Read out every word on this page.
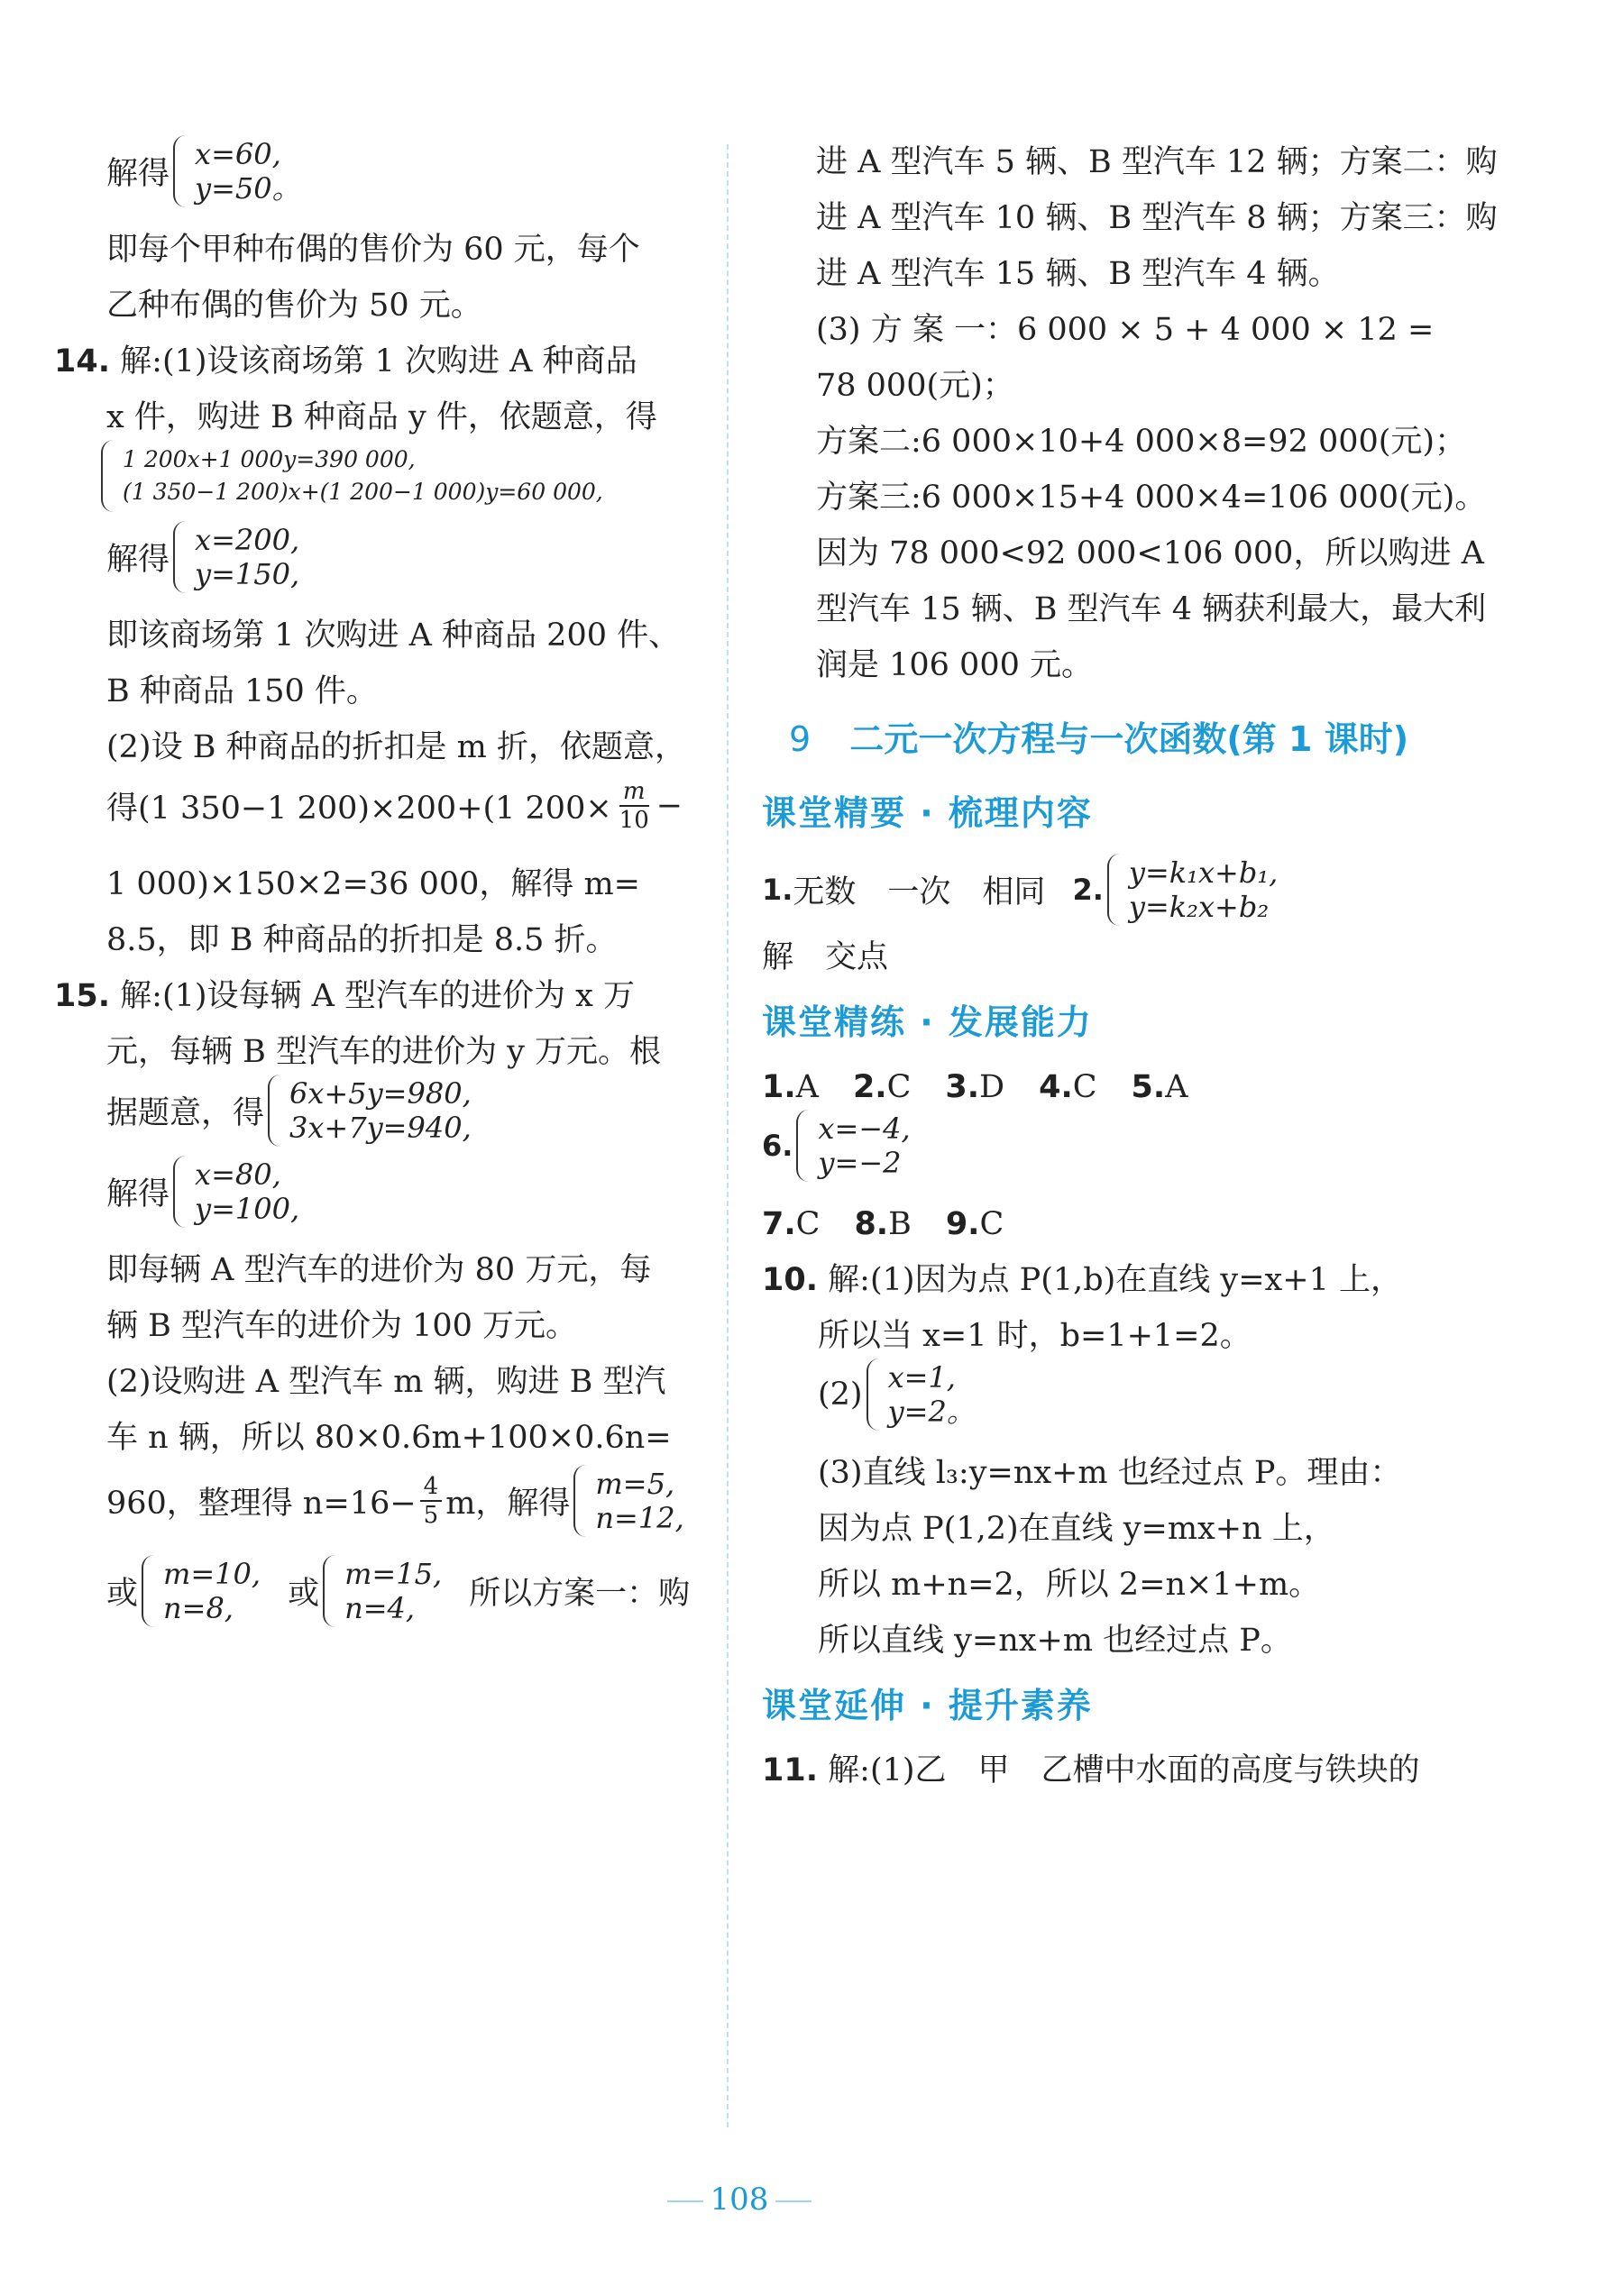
解得
x=60,
y=50。
即每个甲种布偶的售价为 60 元，每个
乙种布偶的售价为 50 元。
14. 解:(1)设该商场第 1 次购进 A 种商品
x 件，购进 B 种商品 y 件，依题意，得
1 200x+1 000y=390 000,
(1 350−1 200)x+(1 200−1 000)y=60 000,
解得
x=200,
y=150,
即该商场第 1 次购进 A 种商品 200 件、
B 种商品 150 件。
(2)设 B 种商品的折扣是 m 折，依题意，
得(1 350−1 200)×200+(1 $200\times \frac{m}{10}$ −
1 000)×150×2=36 000，解得 m=
8.5，即 B 种商品的折扣是 8.5 折。
15. 解:(1)设每辆 A 型汽车的进价为 x 万
元，每辆 B 型汽车的进价为 y 万元。根
据题意，得
6x+5y=980,
3x+7y=940,
解得
x=80,
y=100,
即每辆 A 型汽车的进价为 80 万元，每
辆 B 型汽车的进价为 100 万元。
(2)设购进 A 型汽车 m 辆，购进 B 型汽
车 n 辆，所以 80×0.6m+100×0.6n=
960，整理得 $n=16- \frac{4}{5}$ m，解得
m=5,
n=12,
或
m=10,
n=8,	或
m=15,
n=4,	所以方案一：购
进 A 型汽车 5 辆、B 型汽车 12 辆；方案二：购
进 A 型汽车 10 辆、B 型汽车 8 辆；方案三：购
进 A 型汽车 15 辆、B 型汽车 4 辆。
(3) 方 案 一：6 000 × 5 + 4 000 × 12 =
78 000(元)；
方案二:6 000×10+4 000×8=92 000(元)；
方案三:6 000×15+4 000×4=106 000(元)。
因为 78 000<92 000<106 000，所以购进 A
型汽车 15 辆、B 型汽车 4 辆获利最大，最大利
润是 106 000 元。
9 二元一次方程与一次函数(第 1 课时)
课堂精要 · 梳理内容
1. 无数　一次　相同 2. y=k₁x+b₁,
y=k₂x+b₂
解　交点
课堂精练 · 发展能力
1.A 2.C 3.D 4.C 5.A
6. x=−4,
y=−2
7.C 8.B 9.C
10. 解:(1)因为点 P(1,b)在直线 y=x+1 上，
所以当 x=1 时，b=1+1=2。
(2) x=1,
y=2。
(3)直线 l₃:y=nx+m 也经过点 P。理由：
因为点 P(1,2)在直线 y=mx+n 上，
所以 m+n=2，所以 2=n×1+m。
所以直线 y=nx+m 也经过点 P。
课堂延伸 · 提升素养
11. 解:(1)乙　甲　乙槽中水面的高度与铁块的
108
